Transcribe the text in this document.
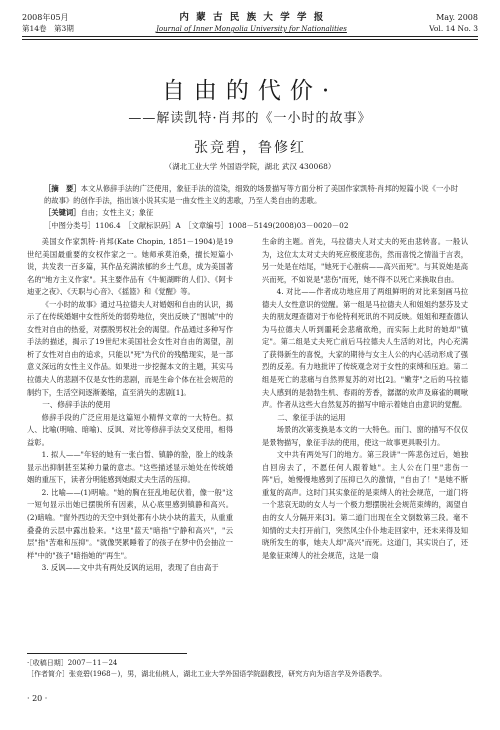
2008年05月	内 蒙 古 民 族 大 学 学 报	May. 2008
第14卷　第3期	Journal of Inner Mongolia University for Nationalities	Vol. 14 No. 3
自由的代价·
——解读凯特·肖邦的《一小时的故事》
张竞碧，鲁修红
（湖北工业大学 外国语学院，湖北 武汉 430068）

［摘　要］本文从修辞手法的广泛使用，象征手法的渲染，细致的场景描写等方面分析了美国作家凯特·肖邦的短篇小说《一小时的故事》的创作手法，指出该小说其实是一曲女性主义的悲歌，乃至人类自由的悲歌。

［关键词］自由；女性主义；象征

［中图分类号］1106.4　［文献标识码］A　［文章编号］1008－5149(2008)03－0020－02

美国女作家凯特·肖邦(Kate Chopin, 1851－1904)是19世纪美国最重要的女权作家之一。她师承莫泊桑，擅长短篇小说，共发表一百多篇，其作品充满浓郁的乡土气息，成为美国著名的"地方主义作家"。其主要作品有《牛轭湖畔的人们》、《阿卡迪亚之夜》、《天职与心音》、《摇篮》和《觉醒》等。

《一小时的故事》通过马拉德夫人对婚姻和自由的认识，揭示了在传统婚姻中女性所处的弱势地位，突出反映了"围城"中的女性对自由的热爱，对摆脱男权社会的渴望。作品通过多种写作手法的描述，揭示了19世纪末美国社会女性对自由的渴望，剖析了女性对自由的追求，只能以"死"为代价的残酷现实，是一部意义深远的女性主义作品。如果进一步挖掘本文的主题，其实马拉德夫人的悲剧不仅是女性的悲剧，而是生命个体在社会规范的制约下，生活空间逐渐萎缩，直至消失的悲剧[1]。

一、修辞手法的使用

修辞手段的广泛应用是这篇短小精悍文章的一大特色。拟人、比喻(明喻、暗喻)、反讽、对比等修辞手法交叉使用，相得益彰。

1. 拟人——"年轻的她有一张白皙、镇静的脸，脸上的线条显示出抑制甚至某种力量的意志。"这些描述显示她处在传统婚姻的重压下，读者分明能感到她跟丈夫生活的压抑。

2. 比喻——(1)明喻。"她的胸在狂乱地起伏着，像一般"这一短句显示出她已摆脱所有因素，从心底里感到镇静和高兴。(2)暗喻。"窗外西边的天空中到处都有小块小块的蓝天，从重重叠叠的云层中露出脸来。"这里"蓝天"暗指"宁静和高兴"，"云层"指"苦难和压抑"。"就像哭累睡着了的孩子在梦中仍会抽泣一样"中的"孩子"暗指她的"再生"。

3. 反讽——文中共有两处反讽的运用，表现了自由高于

生命的主题。首先，马拉德夫人对丈夫的死由悲转喜。一般认为，这位太太对丈夫的死应极度悲伤，然而喜悦之情溢于言表，另一处是在结尾，"她死于心脏病——高兴而死"。与其说她是高兴而死，不如说是"悲伤"而死，她不得不以死亡来换取自由。

4. 对比——作者成功地应用了两组鲜明的对比来刻画马拉德夫人女性意识的觉醒。第一组是马拉德夫人和姐姐约瑟芬及丈夫的朋友理查德对于布伦特利死讯的不同反映。姐姐和理查德认为马拉德夫人听到噩耗会悲痛欲绝，而实际上此时的她却"镇定"。第二组是丈夫死亡前后马拉德夫人生活的对比，内心充满了获得新生的喜悦，大家的期待与女主人公的内心活动形成了强烈的反差。有力地批评了传统观念对于女性的束缚和压迫。第二组是死亡的悲痛与自然界复苏的对比[2]。"嫩芽"之后的马拉德夫人感到的是勃勃生机、春雨的芳香，潺潺的欢声及麻雀的啁啾声。作者从这些大自然复苏的描写中暗示着她自由意识的觉醒。

二、象征手法的运用

场景的次第变换是本文的一大特色。而门、窗的描写不仅仅是景物描写，象征手法的使用，使这一故事更具吸引力。

文中共有两处写门的地方。第三段讲"一阵悲伤过后，她独自回房去了，不愿任何人跟着她"。主人公在门里"悲伤一阵"后，她慢慢地感到了压抑已久的激情，"自由了！"是她不断重复的高声。这时门其实象征的是束缚人的社会规范，一道门将一个悲哀无助的女人与一个极力想摆脱社会规范束缚的，渴望自由的女人分隔开来[3]。第二道门出现在全文倒数第三段。毫不知情的丈夫打开前门，突然风尘仆仆地走回家中，还未来得及知晓所发生的事，她夫人却"高兴"而死。这道门，其实说白了，还是象征束缚人的社会规范，这是一扇

·［收稿日期］2007－11－24
［作者简介］张竞碧(1968－)，男，湖北仙桃人，湖北工业大学外国语学院副教授，研究方向为语言学及外语教学。
· 20 ·
